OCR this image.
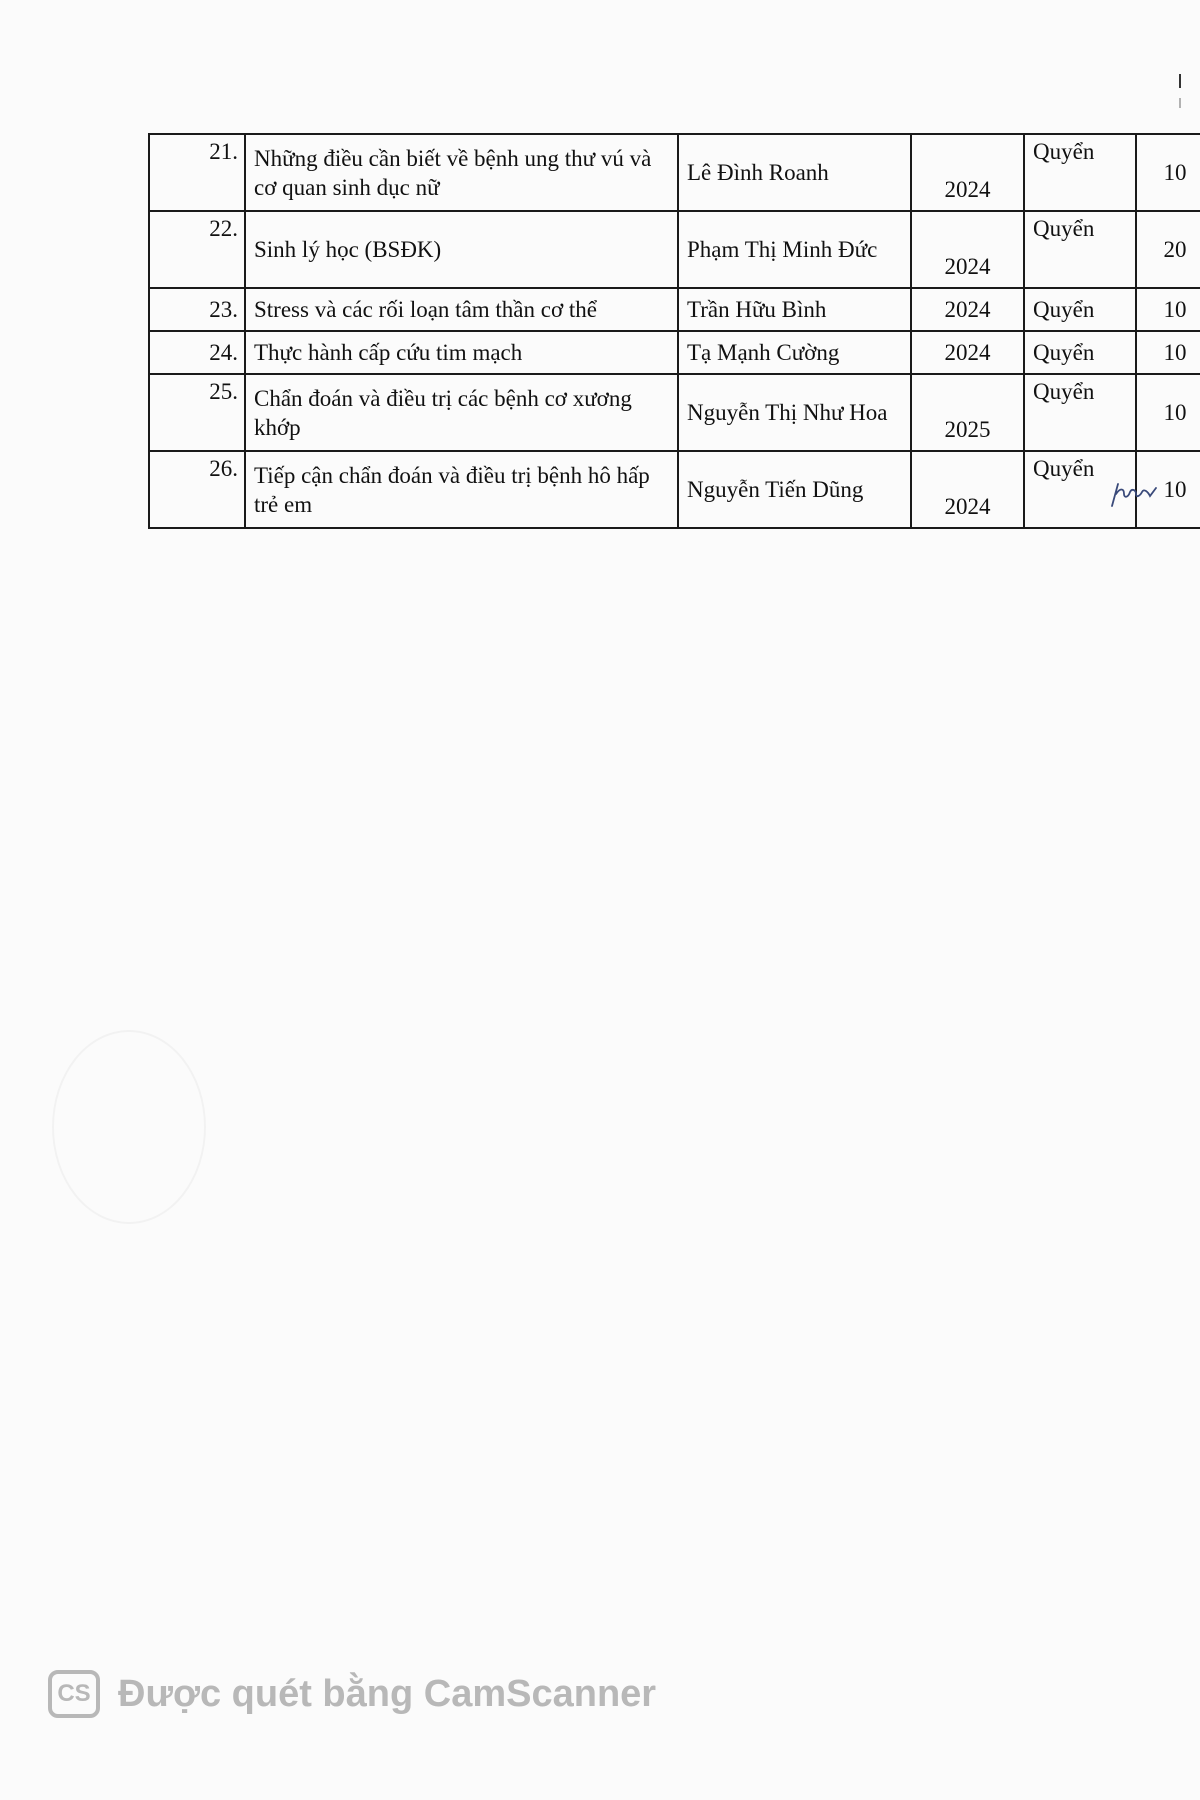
21.	Những điều cần biết về bệnh ung thư vú và cơ quan sinh dục nữ	Lê Đình Roanh	2024	Quyển	10
22.	Sinh lý học (BSĐK)	Phạm Thị Minh Đức	2024	Quyển	20
23.	Stress và các rối loạn tâm thần cơ thể	Trần Hữu Bình	2024	Quyển	10
24.	Thực hành cấp cứu tim mạch	Tạ Mạnh Cường	2024	Quyển	10
25.	Chẩn đoán và điều trị các bệnh cơ xương khớp	Nguyễn Thị Như Hoa	2025	Quyển	10
26.	Tiếp cận chẩn đoán và điều trị bệnh hô hấp trẻ em	Nguyễn Tiến Dũng	2024	Quyển	10
CS Được quét bằng CamScanner
